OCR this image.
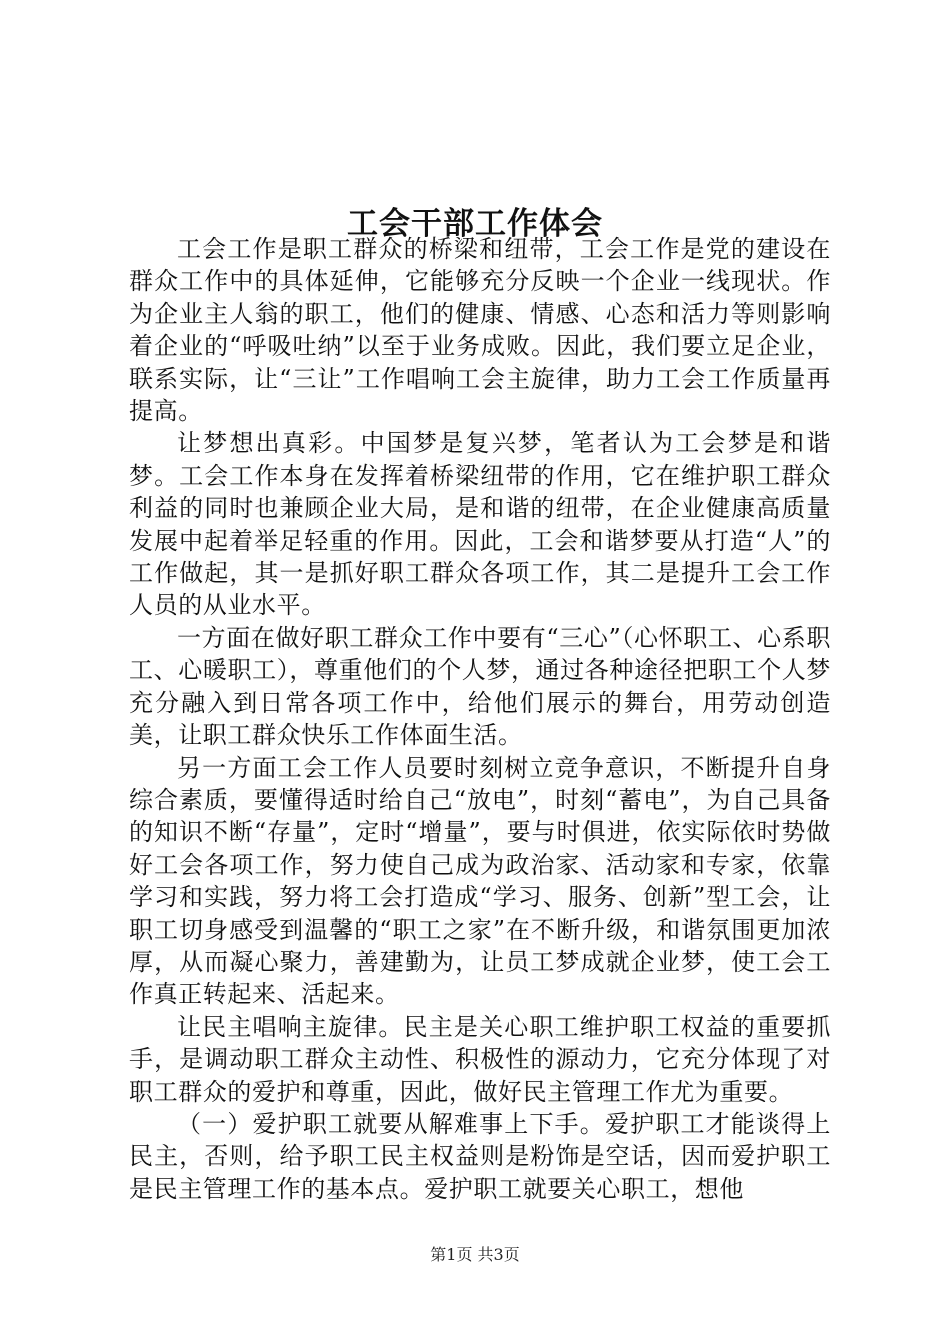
工会干部工作体会

工会工作是职工群众的桥梁和纽带，工会工作是党的建设在群众工作中的具体延伸，它能够充分反映一个企业一线现状。作为企业主人翁的职工，他们的健康、情感、心态和活力等则影响着企业的“呼吸吐纳”以至于业务成败。因此，我们要立足企业，联系实际，让“三让”工作唱响工会主旋律，助力工会工作质量再提高。

让梦想出真彩。中国梦是复兴梦，笔者认为工会梦是和谐梦。工会工作本身在发挥着桥梁纽带的作用，它在维护职工群众利益的同时也兼顾企业大局，是和谐的纽带，在企业健康高质量发展中起着举足轻重的作用。因此，工会和谐梦要从打造“人”的工作做起，其一是抓好职工群众各项工作，其二是提升工会工作人员的从业水平。

一方面在做好职工群众工作中要有“三心”（心怀职工、心系职工、心暖职工），尊重他们的个人梦，通过各种途径把职工个人梦充分融入到日常各项工作中，给他们展示的舞台，用劳动创造美，让职工群众快乐工作体面生活。

另一方面工会工作人员要时刻树立竞争意识，不断提升自身综合素质，要懂得适时给自己“放电”，时刻“蓄电”，为自己具备的知识不断“存量”，定时“增量”，要与时俱进，依实际依时势做好工会各项工作，努力使自己成为政治家、活动家和专家，依靠学习和实践，努力将工会打造成“学习、服务、创新”型工会，让职工切身感受到温馨的“职工之家”在不断升级，和谐氛围更加浓厚，从而凝心聚力，善建勤为，让员工梦成就企业梦，使工会工作真正转起来、活起来。

让民主唱响主旋律。民主是关心职工维护职工权益的重要抓手，是调动职工群众主动性、积极性的源动力，它充分体现了对职工群众的爱护和尊重，因此，做好民主管理工作尤为重要。

（一）爱护职工就要从解难事上下手。爱护职工才能谈得上民主，否则，给予职工民主权益则是粉饰是空话，因而爱护职工是民主管理工作的基本点。爱护职工就要关心职工，想他

第1页 共3页
